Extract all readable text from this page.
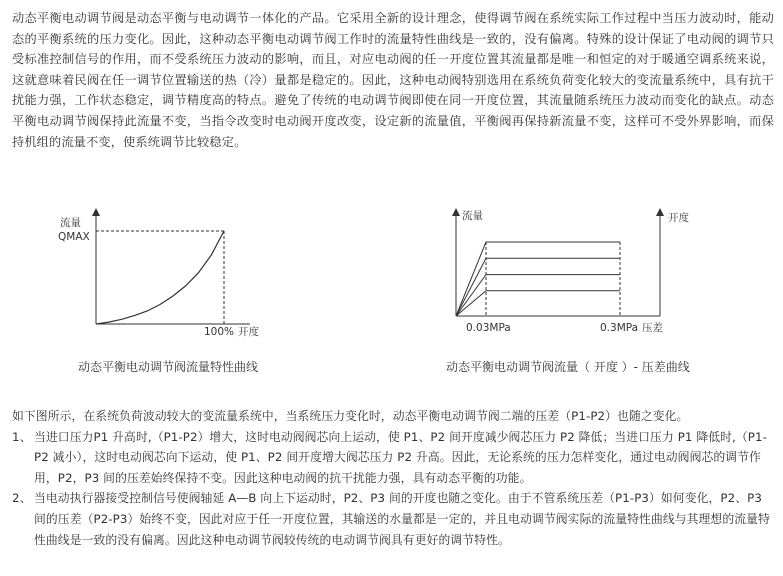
动态平衡电动调节阀是动态平衡与电动调节一体化的产品。它采用全新的设计理念，使得调节阀在系统实际工作过程中当压力波动时，能动态的平衡系统的压力变化。因此，这种动态平衡电动调节阀工作时的流量特性曲线是一致的，没有偏离。特殊的设计保证了电动阀的调节只受标准控制信号的作用，而不受系统压力波动的影响，而且，对应电动阀的任一开度位置其流量都是唯一和恒定的对于暖通空调系统来说，这就意味着民阀在任一调节位置输送的热（冷）量都是稳定的。因此，这种电动阀特别选用在系统负荷变化较大的变流量系统中，具有抗干扰能力强，工作状态稳定，调节精度高的特点。避免了传统的电动调节阀即使在同一开度位置，其流量随系统压力波动而变化的缺点。动态平衡电动调节阀保持此流量不变，当指令改变时电动阀开度改变，设定新的流量值，平衡阀再保持新流量不变，这样可不受外界影响，而保持机组的流量不变，使系统调节比较稳定。
流量
QMAX
100% 开度
流量	开度
0.03MPa	0.3MPa 压差
动态平衡电动调节阀流量特性曲线	动态平衡电动调节阀流量（ 开度 ）- 压差曲线

如下图所示，在系统负荷波动较大的变流量系统中，当系统压力变化时，动态平衡电动调节阀二端的压差（P1-P2）也随之变化。

1、 当进口压力P1 升高时,（P1-P2）增大，这时电动阀阀芯向上运动，使 P1、P2 间开度减少阀芯压力 P2 降低；当进口压力 P1 降低时,（P1-P2 减小），这时电动阀芯向下运动，使 P1、P2 间开度增大阀芯压力 P2 升高。因此，无论系统的压力怎样变化，通过电动阀阀芯的调节作用，P2，P3 间的压差始终保持不变。因此这种电动阀的抗干扰能力强，具有动态平衡的功能。
2、 当电动执行器接受控制信号使阀轴延 A—B 向上下运动时，P2、P3 间的开度也随之变化。由于不管系统压差（P1-P3）如何变化，P2、P3 间的压差（P2-P3）始终不变，因此对应于任一开度位置，其输送的水量都是一定的，并且电动调节阀实际的流量特性曲线与其理想的流量特性曲线是一致的没有偏离。因此这种电动调节阀较传统的电动调节阀具有更好的调节特性。
